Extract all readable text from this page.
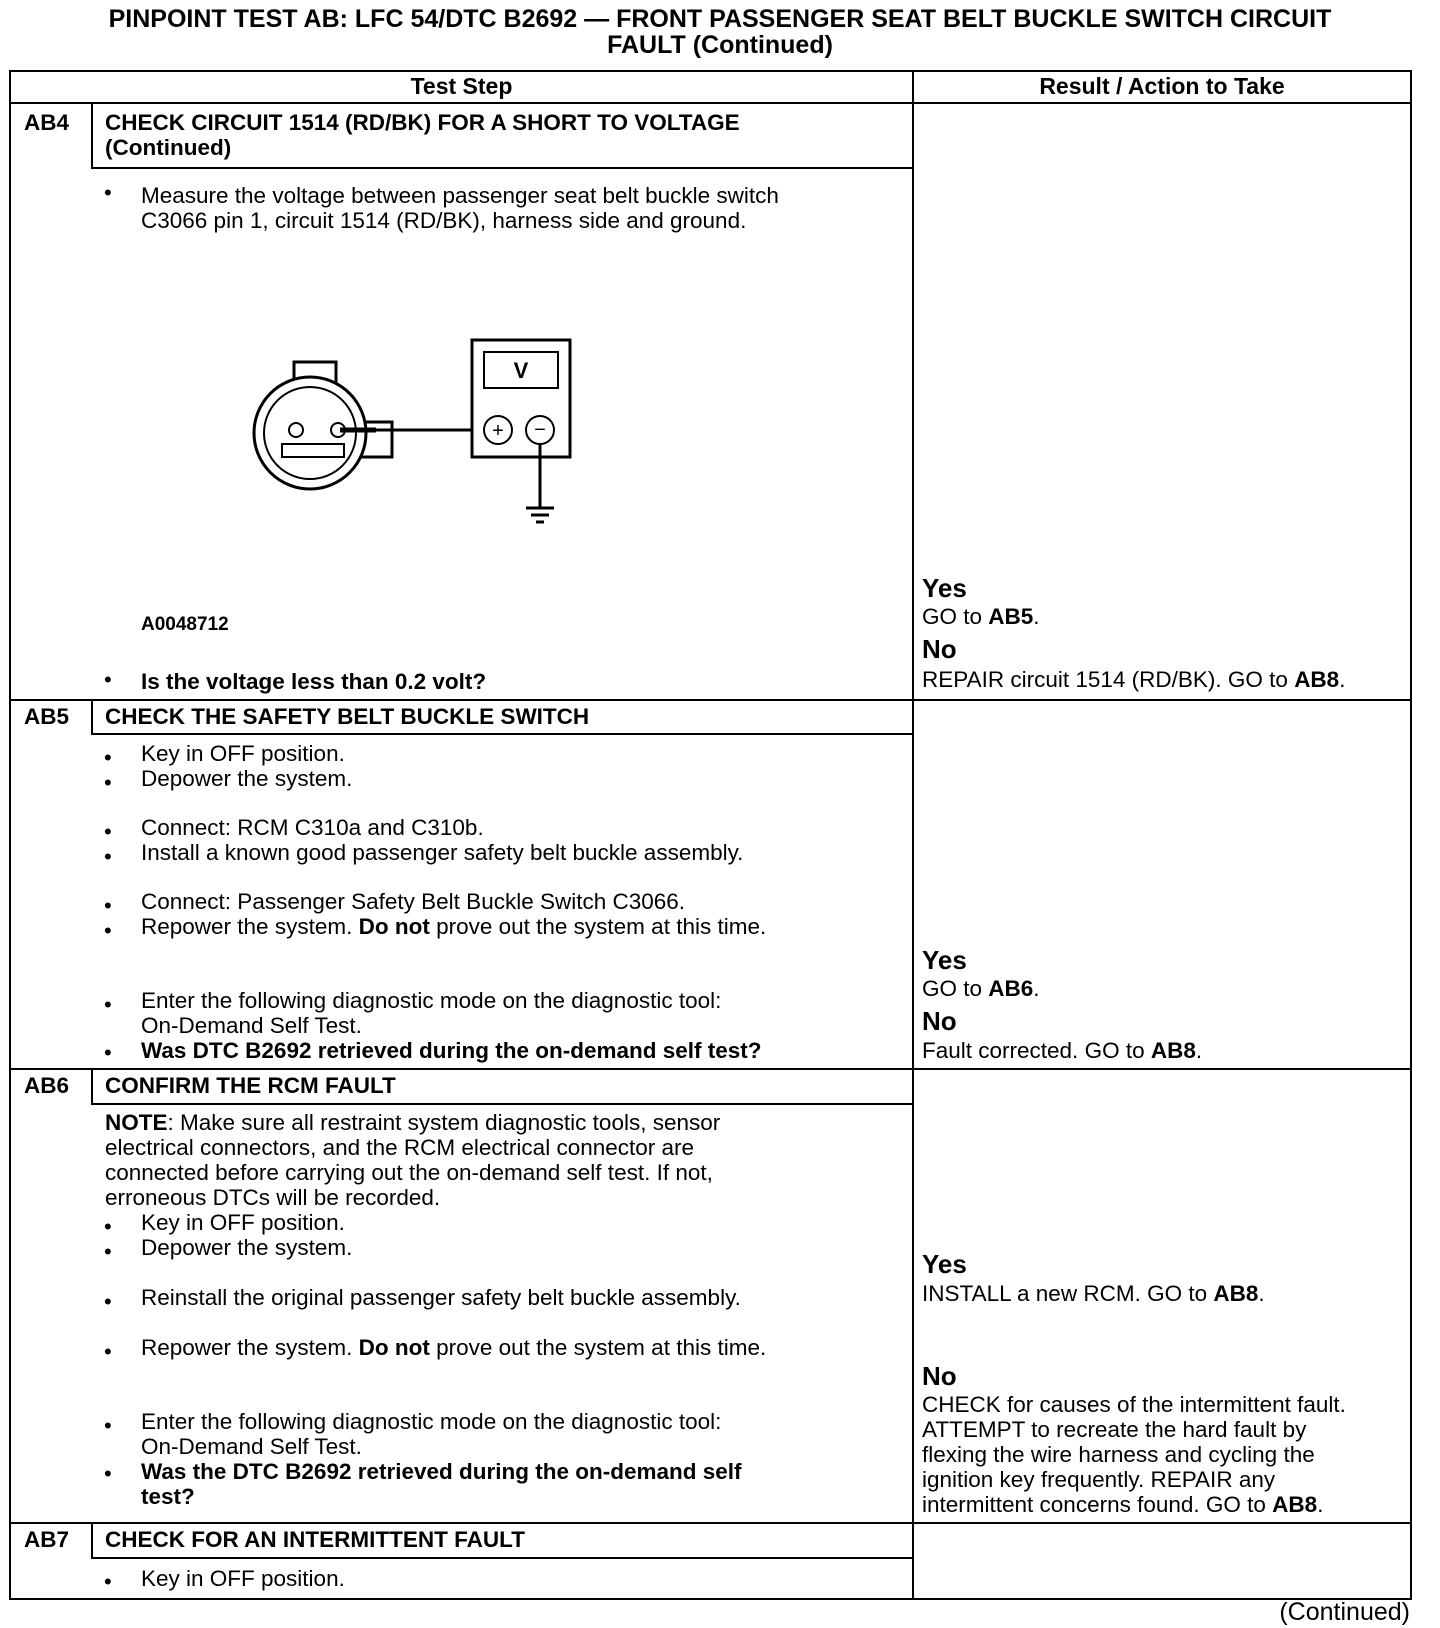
PINPOINT TEST AB: LFC 54/DTC B2692 — FRONT PASSENGER SEAT BELT BUCKLE SWITCH CIRCUIT
FAULT (Continued)
Test Step	Result / Action to Take
AB4 CHECK CIRCUIT 1514 (RD/BK) FOR A SHORT TO VOLTAGE
(Continued)
• Measure the voltage between passenger seat belt buckle switch
C3066 pin 1, circuit 1514 (RD/BK), harness side and ground.
V
+ −
A0048712
• Is the voltage less than 0.2 volt?
Yes
GO to AB5.
No
REPAIR circuit 1514 (RD/BK). GO to AB8.
AB5 CHECK THE SAFETY BELT BUCKLE SWITCH
• Key in OFF position.
• Depower the system.
• Connect: RCM C310a and C310b.
• Install a known good passenger safety belt buckle assembly.
• Connect: Passenger Safety Belt Buckle Switch C3066.
• Repower the system. Do not prove out the system at this time.
• Enter the following diagnostic mode on the diagnostic tool:
On-Demand Self Test.
• Was DTC B2692 retrieved during the on-demand self test?
Yes
GO to AB6.
No
Fault corrected. GO to AB8.
AB6 CONFIRM THE RCM FAULT
NOTE: Make sure all restraint system diagnostic tools, sensor
electrical connectors, and the RCM electrical connector are
connected before carrying out the on-demand self test. If not,
erroneous DTCs will be recorded.
• Key in OFF position.
• Depower the system.
• Reinstall the original passenger safety belt buckle assembly.
• Repower the system. Do not prove out the system at this time.
• Enter the following diagnostic mode on the diagnostic tool:
On-Demand Self Test.
• Was the DTC B2692 retrieved during the on-demand self
test?
Yes
INSTALL a new RCM. GO to AB8.
No
CHECK for causes of the intermittent fault.
ATTEMPT to recreate the hard fault by
flexing the wire harness and cycling the
ignition key frequently. REPAIR any
intermittent concerns found. GO to AB8.
AB7 CHECK FOR AN INTERMITTENT FAULT
• Key in OFF position.
(Continued)
